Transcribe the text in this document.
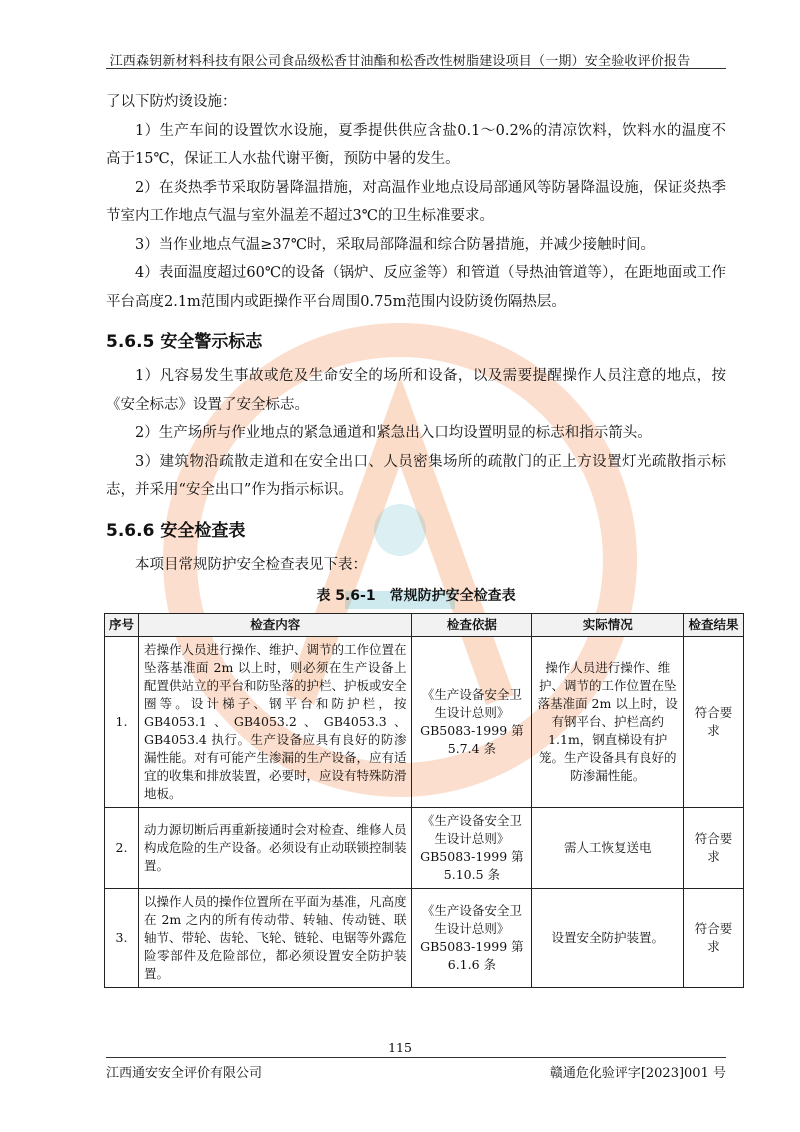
江西森钥新材料科技有限公司食品级松香甘油酯和松香改性树脂建设项目（一期）安全验收评价报告

了以下防灼烫设施：

1）生产车间的设置饮水设施，夏季提供供应含盐0.1～0.2%的清凉饮料，饮料水的温度不高于15℃，保证工人水盐代谢平衡，预防中暑的发生。

2）在炎热季节采取防暑降温措施，对高温作业地点设局部通风等防暑降温设施，保证炎热季节室内工作地点气温与室外温差不超过3℃的卫生标准要求。

3）当作业地点气温≥37℃时，采取局部降温和综合防暑措施，并减少接触时间。

4）表面温度超过60℃的设备（锅炉、反应釜等）和管道（导热油管道等），在距地面或工作平台高度2.1m范围内或距操作平台周围0.75m范围内设防烫伤隔热层。

5.6.5 安全警示标志

1）凡容易发生事故或危及生命安全的场所和设备，以及需要提醒操作人员注意的地点，按《安全标志》设置了安全标志。

2）生产场所与作业地点的紧急通道和紧急出入口均设置明显的标志和指示箭头。

3）建筑物沿疏散走道和在安全出口、人员密集场所的疏散门的正上方设置灯光疏散指示标志，并采用“安全出口”作为指示标识。

5.6.6 安全检查表

本项目常规防护安全检查表见下表：

表 5.6-1　常规防护安全检查表
序号	检查内容	检查依据	实际情况	检查结果
1.	若操作人员进行操作、维护、调节的工作位置在坠落基准面 2m 以上时，则必须在生产设备上配置供站立的平台和防坠落的护栏、护板或安全圈等。设计梯子、钢平台和防护栏，按 GB4053.1、GB4053.2、GB4053.3、GB4053.4 执行。生产设备应具有良好的防渗漏性能。对有可能产生渗漏的生产设备，应有适宜的收集和排放装置，必要时，应设有特殊防滑地板。	《生产设备安全卫生设计总则》GB5083-1999 第 5.7.4 条	操作人员进行操作、维护、调节的工作位置在坠落基准面 2m 以上时，设有钢平台、护栏高约 1.1m，钢直梯设有护笼。生产设备具有良好的防渗漏性能。	符合要求
2.	动力源切断后再重新接通时会对检查、维修人员构成危险的生产设备。必须设有止动联锁控制装置。	《生产设备安全卫生设计总则》GB5083-1999 第 5.10.5 条	需人工恢复送电	符合要求
3.	以操作人员的操作位置所在平面为基准，凡高度在 2m 之内的所有传动带、转轴、传动链、联轴节、带轮、齿轮、飞轮、链轮、电锯等外露危险零部件及危险部位，都必须设置安全防护装置。	《生产设备安全卫生设计总则》GB5083-1999 第 6.1.6 条	设置安全防护装置。	符合要求
115
江西通安安全评价有限公司	赣通危化验评字[2023]001 号
